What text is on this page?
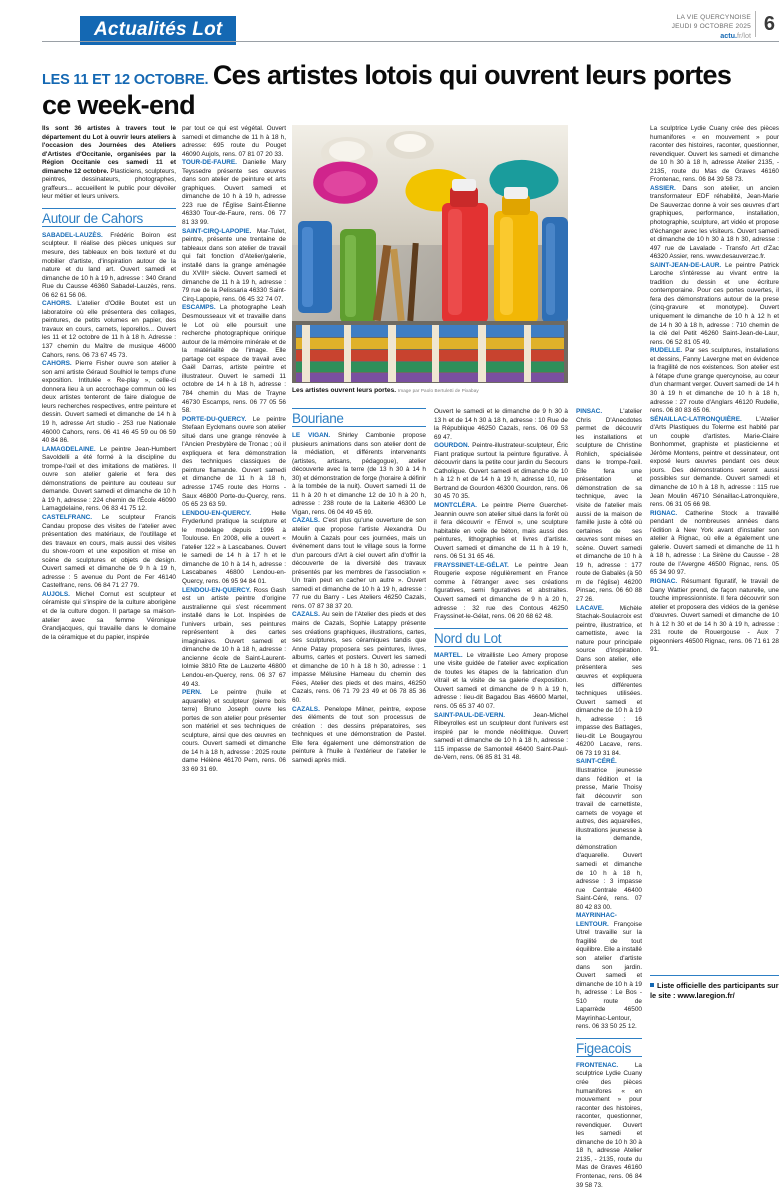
Actualités Lot
LA VIE QUERCYNOISE
JEUDI 9 OCTOBRE 2025
actu.fr/lot
6
LES 11 ET 12 OCTOBRE. Ces artistes lotois qui ouvrent leurs portes
ce week-end
Les artistes ouvrent leurs portes. Image par Paolo Bertuletti de Pixabay

Ils sont 36 artistes à travers tout le département du Lot à ouvrir leurs ateliers à l'occasion des Journées des Ateliers d'Artistes d'Occitanie, organisées par la Région Occitanie ces samedi 11 et dimanche 12 octobre. Plasticiens, sculpteurs, peintres, dessinateurs, photographes, graffeurs... accueillent le public pour dévoiler leur métier et leurs univers.

Autour de Cahors

SABADEL-LAUZÈS. Frédéric Boiron est sculpteur. Il réalise des pièces uniques sur mesure, des tableaux en bois texturé et du mobilier d'artiste, d'inspiration autour de la nature et du land art. Ouvert samedi et dimanche de 10 h à 19 h, adresse : 340 Grand Rue du Causse 46360 Sabadel-Lauzès, rens. 06 62 61 56 06.

CAHORS. L'atelier d'Odile Boutet est un laboratoire où elle présentera des collages, peintures, de petits volumes en papier, des travaux en cours, carnets, leporellos... Ouvert les 11 et 12 octobre de 11 h à 18 h. Adresse : 137 chemin du Maître de musique 46000 Cahors, rens. 06 73 67 45 73.

CAHORS. Pierre Fisher ouvre son atelier à son ami artiste Géraud Soulhiol le temps d'une exposition. Intitulée « Re-play », celle-ci donnera lieu à un accrochage commun où les deux artistes tenteront de faire dialogue de leurs recherches respectives, entre peinture et dessin. Ouvert samedi et dimanche de 14 h à 19 h, adresse Art studio - 253 rue Nationale 46000 Cahors, rens. 06 41 46 45 59 ou 06 59 40 84 86.

LAMAGDELAINE. Le peintre Jean-Humbert Savoldelli a été formé à la discipline du trompe-l'œil et des imitations de matières. Il ouvre son atelier galerie et fera des démonstrations de peinture au couteau sur demande. Ouvert samedi et dimanche de 10 h à 19 h, adresse : 224 chemin de l'École 46090 Lamagdelaine, rens. 06 83 41 75 12.

CASTELFRANC. Le sculpteur Francis Candau propose des visites de l'atelier avec présentation des matériaux, de l'outillage et des travaux en cours, mais aussi des visites du show-room et une exposition et mise en scène de sculptures et objets de design. Ouvert samedi et dimanche de 9 h à 19 h, adresse : 5 avenue du Pont de Fer 46140 Castelfranc, rens. 06 84 71 27 79.

AUJOLS. Michel Cornut est sculpteur et céramiste qui s'inspire de la culture aborigène et de la culture dogon. Il partage sa maison-atelier avec sa femme Véronique Grandjacques, qui travaille dans le domaine de la céramique et du papier, inspirée

par tout ce qui est végétal. Ouvert samedi et dimanche de 11 h à 18 h, adresse: 695 route du Pouget 46090 Aujols, rens. 07 81 07 20 33.

TOUR-DE-FAURE. Danielle Mary Teyssedre présente ses œuvres dans son atelier de peinture et arts graphiques. Ouvert samedi et dimanche de 10 h à 19 h, adresse 223 rue de l'Église Saint-Étienne 46330 Tour-de-Faure, rens. 06 77 81 33 99.

SAINT-CIRQ-LAPOPIE. Mar-Tulet, peintre, présente une trentaine de tableaux dans son atelier de travail qui fait fonction d'Atelier/galerie, installé dans la grange aménagée du XVIIIᵉ siècle. Ouvert samedi et dimanche de 11 h à 19 h, adresse : 79 rue de la Pelissaria 46330 Saint-Cirq-Lapopie, rens. 06 45 32 74 07.

ESCAMPS. La photographe Leah Desmousseaux vit et travaille dans le Lot où elle poursuit une recherche photographique onirique autour de la mémoire minérale et de la matérialité de l'image. Elle partage cet espace de travail avec Gaël Darras, artiste peintre et illustrateur. Ouvert le samedi 11 octobre de 14 h à 18 h, adresse : 784 chemin du Mas de Trayne 46730 Escamps, rens. 06 77 05 56 58.

PORTE-DU-QUERCY. Le peintre Stefaan Eyckmans ouvre son atelier situé dans une grange rénovée à l'Ancien Presbytère de Tronac ; où il expliquera et fera démonstration des techniques classiques de peinture flamande. Ouvert samedi et dimanche de 11 h à 18 h, adresse 1745 route des Horns - Saux 46800 Porte-du-Quercy, rens. 05 65 23 63 59.

LENDOU-EN-QUERCY. Helle Fryderlund pratique la sculpture et le modelage depuis 1996 à Toulouse. En 2008, elle a ouvert « l'atelier 122 » à Lascabanes. Ouvert le samedi de 14 h à 17 h et le dimanche de 10 h à 14 h, adresse : Lascabanes 46800 Lendou-en-Quercy, rens. 06 95 94 84 01.

LENDOU-EN-QUERCY. Ross Gash est un artiste peintre d'origine australienne qui s'est récemment installé dans le Lot. Inspirées de l'univers urbain, ses peintures représentent à des cartes imaginaires. Ouvert samedi et dimanche de 10 h à 18 h, adresse : ancienne école de Saint-Laurent-lolmie 3810 Rte de Lauzerte 46800 Lendou-en-Quercy, rens. 06 37 67 49 43.

PERN. Le peintre (huile et aquarelle) et sculpteur (pierre bois terre) Bruno Joseph ouvre les portes de son atelier pour présenter son matériel et ses techniques de sculpture, ainsi que des œuvres en cours. Ouvert samedi et dimanche de 14 h à 18 h, adresse : 2025 route dame Hélène 46170 Pern, rens. 06 33 69 31 69.

Bouriane

LE VIGAN. Shirley Cambonie propose plusieurs animations dans son atelier dont de la médiation, et différents intervenants (artistes, artisans, pédagogue), atelier découverte avec la terre (de 13 h 30 à 14 h 30) et démonstration de forge (horaire à définir à la tombée de la nuit). Ouvert samedi 11 de 11 h à 20 h et dimanche 12 de 10 h à 20 h, adresse : 238 route de la Laiterie 46300 Le Vigan, rens. 06 04 49 45 69.

CAZALS. C'est plus qu'une ouverture de son atelier que propose l'artiste Alexandra Du Moulin à Cazals pour ces journées, mais un événement dans tout le village sous la forme d'un parcours d'Art à ciel ouvert afin d'offrir la découverte de la diversité des travaux présentés par les membres de l'association « Un train peut en cacher un autre ». Ouvert samedi et dimanche de 10 h à 19 h, adresse : 77 rue du Barry - Les Ateliers 46250 Cazals, rens. 07 87 38 37 20.

CAZALS. Au sein de l'Atelier des pieds et des mains de Cazals, Sophie Latappy présente ses créations graphiques, illustrations, cartes, ses sculptures, ses céramiques tandis que Anne Patay proposera ses peintures, livres, albums, cartes et posters. Ouvert les samedi et dimanche de 10 h à 18 h 30, adresse : 1 impasse Mélusine Hameau du chemin des Fées, Atelier des pieds et des mains, 46250 Cazals, rens. 06 71 79 23 49 et 06 78 85 36 60.

CAZALS. Penelope Milner, peintre, expose des éléments de tout son processus de création : des dessins préparatoires, ses techniques et une démonstration de Pastel. Elle fera également une démonstration de peinture à l'huile à l'extérieur de l'atelier le samedi après midi.

Ouvert le samedi et le dimanche de 9 h 30 à 13 h et de 14 h 30 à 18 h, adresse : 10 Rue de la République 46250 Cazals, rens. 06 09 53 69 47.

GOURDON. Peintre-illustrateur-sculpteur, Éric Fiant pratique surtout la peinture figurative. À découvrir dans la petite cour jardin du Secours Catholique. Ouvert samedi et dimanche de 10 h à 12 h et de 14 h à 19 h, adresse 10, rue Bertrand de Gourdon 46300 Gourdon, rens. 06 30 45 70 35.

MONTCLÉRA. Le peintre Pierre Guerchet-Jeannin ouvre son atelier situé dans la forêt où il fera découvrir « l'Envol », une sculpture habitable en voile de béton, mais aussi des peintures, lithographies et livres d'artiste. Ouvert samedi et dimanche de 11 h à 19 h, rens. 06 51 31 65 46.

FRAYSSINET-LE-GÉLAT. Le peintre Jean Rougerie expose régulièrement en France comme à l'étranger avec ses créations figuratives, semi figuratives et abstraites. Ouvert samedi et dimanche de 9 h à 20 h, adresse : 32 rue des Contous 46250 Frayssinet-le-Gélat, rens. 06 20 68 62 48.

Nord du Lot

MARTEL. Le vitrailliste Leo Amery propose une visite guidée de l'atelier avec explication de toutes les étapes de la fabrication d'un vitrail et la visite de sa galerie d'exposition. Ouvert samedi et dimanche de 9 h à 19 h, adresse : lieu-dit Bagadou Bas 46600 Martel, rens. 05 65 37 40 07.

SAINT-PAUL-DE-VERN. Jean-Michel Ribeyrolles est un sculpteur dont l'univers est inspiré par le monde néolithique. Ouvert samedi et dimanche de 10 h à 18 h, adresse : 115 impasse de Samonteil 46400 Saint-Paul-de-Vern, rens. 06 85 81 31 48.

PINSAC. L'atelier Chris D'Anecdotes permet de découvrir les installations et sculpture de Christine Rohlich, spécialisée dans le trompe-l'œil. Elle fera une présentation et démonstration de sa technique, avec la visite de l'atelier mais aussi de la maison de famille juste à côté où certaines de ses œuvres sont mises en scène. Ouvert samedi et dimanche de 10 h à 19 h, adresse : 177 route de Gabalès (à 50 m de l'église) 46200 Pinsac, rens. 06 60 88 27 26.

LACAVE. Michèle Stachak-Soulacroix est peintre, illustratrice, et camettiste, avec la nature pour principale source d'inspiration. Dans son atelier, elle présentera ses œuvres et expliquera les différentes techniques utilisées. Ouvert samedi et dimanche de 10 h à 19 h, adresse : 16 impasse des Battages, lieu-dit Le Bougayrou 46200 Lacave, rens. 06 73 19 31 84.

SAINT-CÉRÉ. Illustratrice jeunesse dans l'édition et la presse, Marie Thoisy fait découvrir son travail de carnettiste, carnets de voyage et autres, des aquarelles, illustrations jeunesse à la demande, démonstration d'aquarelle. Ouvert samedi et dimanche de 10 h à 18 h, adresse : 3 impasse rue Centrale 46400 Saint-Céré, rens. 07 80 42 83 00.

MAYRINHAC-LENTOUR. Françoise Utrel travaille sur la fragilité de tout équilibre. Elle a installé son atelier d'artiste dans son jardin. Ouvert samedi et dimanche de 10 h à 19 h, adresse : Le Bos - 510 route de Laparrède 46500 Mayrinhac-Lentour, rens. 06 33 50 25 12.

Figeacois

FRONTENAC. La sculptrice Lydie Cuany crée des pièces humanifores « en mouvement » pour raconter des histoires, raconter, questionner, revendiquer. Ouvert les samedi et dimanche de 10 h 30 à 18 h, adresse Atelier 2135, - 2135, route du Mas de Graves 46160 Frontenac, rens. 06 84 39 58 73.

La sculptrice Lydie Cuany crée des pièces humanifores « en mouvement » pour raconter des histoires, raconter, questionner, revendiquer. Ouvert les samedi et dimanche de 10 h 30 à 18 h, adresse Atelier 2135, - 2135, route du Mas de Graves 46160 Frontenac, rens. 06 84 39 58 73.

ASSIER. Dans son atelier, un ancien transformateur EDF réhabilité, Jean-Marie De Sauverzac donne à voir ses œuvres d'art graphiques, performance, installation, photographie, sculpture, art vidéo et propose d'échanger avec les visiteurs. Ouvert samedi et dimanche de 10 h 30 à 18 h 30, adresse : 497 rue de Lavalade - Transfo Art d'Zac 46320 Assier, rens. www.desauverzac.fr.

SAINT-JEAN-DE-LAUR. Le peintre Patrick Laroche s'intéresse au vivant entre la tradition du dessin et une écriture contemporaine. Pour ces portes ouvertes, il fera des démonstrations autour de la prese (cinq-gravure et monotype). Ouvert uniquement le dimanche de 10 h à 12 h et de 14 h 30 à 18 h, adresse : 710 chemin de la clé del Petit 46260 Saint-Jean-de-Laur, rens. 06 52 81 05 49.

RUDELLE. Par ses sculptures, installations et dessins, Fanny Lavergne met en évidence la fragilité de nos existences. Son atelier est à l'étape d'une grange quercynoise, au cœur d'un charmant verger. Ouvert samedi de 14 h 30 à 19 h et dimanche de 10 h à 18 h, adresse : 27 route d'Anglars 46120 Rudelle, rens. 06 80 83 65 06.

SÉNAILLAC-LATRONQUIÈRE. L'Atelier d'Arts Plastiques du Tolerme est habité par un couple d'artistes. Marie-Claire Bonhommet, graphiste et plasticienne et Jérôme Montens, peintre et dessinateur, ont exposé leurs œuvres pendant ces deux jours. Des démonstrations seront aussi possibles sur demande. Ouvert samedi et dimanche de 10 h à 18 h, adresse : 115 rue Jean Moulin 46710 Sénaillac-Latronquière, rens. 06 31 05 66 98.

RIGNAC. Catherine Stock a travaillé pendant de nombreuses années dans l'édition à New York avant d'installer son atelier à Rignac, où elle a également une galerie. Ouvert samedi et dimanche de 11 h à 18 h, adresse : La Sirène du Causse - 28 route de l'Avergne 46500 Rignac, rens. 05 65 34 90 97.

RIGNAC. Résumant figuratif, le travail de Dany Wattier prend, de façon naturelle, une touche impressionniste. Il fera découvrir son atelier et proposera des vidéos de la genèse d'œuvres. Ouvert samedi et dimanche de 10 h à 12 h 30 et de 14 h 30 à 19 h, adresse : 231 route de Rouergouse - Aux 7 pigeonniers 46500 Rignac, rens. 06 71 61 28 91.

Liste officielle des participants sur le site : www.laregion.fr/
